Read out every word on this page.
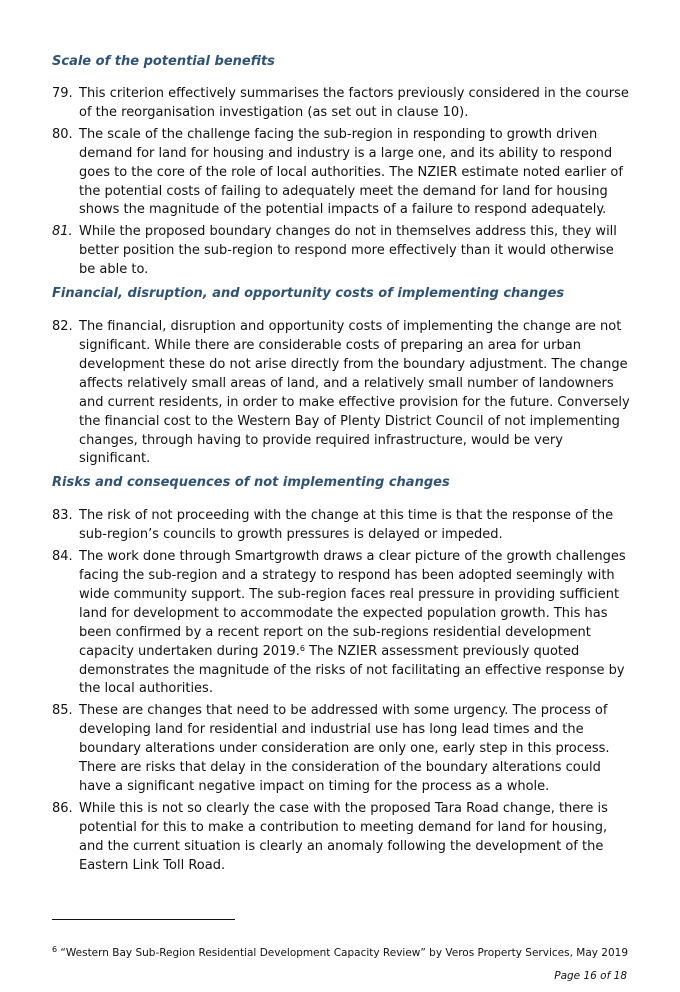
Scale of the potential benefits
79. This criterion effectively summarises the factors previously considered in the course of the reorganisation investigation (as set out in clause 10).
80. The scale of the challenge facing the sub-region in responding to growth driven demand for land for housing and industry is a large one, and its ability to respond goes to the core of the role of local authorities. The NZIER estimate noted earlier of the potential costs of failing to adequately meet the demand for land for housing shows the magnitude of the potential impacts of a failure to respond adequately.
81. While the proposed boundary changes do not in themselves address this, they will better position the sub-region to respond more effectively than it would otherwise be able to.
Financial, disruption, and opportunity costs of implementing changes
82. The financial, disruption and opportunity costs of implementing the change are not significant. While there are considerable costs of preparing an area for urban development these do not arise directly from the boundary adjustment. The change affects relatively small areas of land, and a relatively small number of landowners and current residents, in order to make effective provision for the future. Conversely the financial cost to the Western Bay of Plenty District Council of not implementing changes, through having to provide required infrastructure, would be very significant.
Risks and consequences of not implementing changes
83. The risk of not proceeding with the change at this time is that the response of the sub-region’s councils to growth pressures is delayed or impeded.
84. The work done through Smartgrowth draws a clear picture of the growth challenges facing the sub-region and a strategy to respond has been adopted seemingly with wide community support. The sub-region faces real pressure in providing sufficient land for development to accommodate the expected population growth. This has been confirmed by a recent report on the sub-regions residential development capacity undertaken during 2019.$^6$ The NZIER assessment previously quoted demonstrates the magnitude of the risks of not facilitating an effective response by the local authorities.
85. These are changes that need to be addressed with some urgency. The process of developing land for residential and industrial use has long lead times and the boundary alterations under consideration are only one, early step in this process. There are risks that delay in the consideration of the boundary alterations could have a significant negative impact on timing for the process as a whole.
86. While this is not so clearly the case with the proposed Tara Road change, there is potential for this to make a contribution to meeting demand for land for housing, and the current situation is clearly an anomaly following the development of the Eastern Link Toll Road.
$^6$ “Western Bay Sub-Region Residential Development Capacity Review” by Veros Property Services, May 2019
Page 16 of 18
